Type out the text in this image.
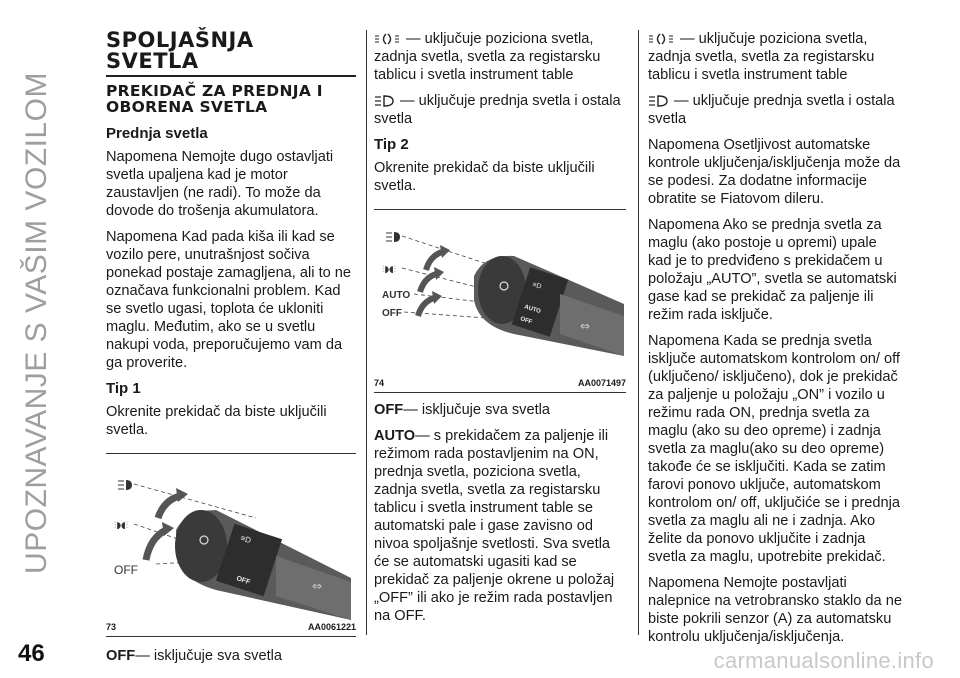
UPOZNAVANJE S VAŠIM VOZILOM
SPOLJAŠNJA
SVETLA
PREKIDAČ ZA PREDNJA I
OBORENA SVETLA
Prednja svetla

Napomena Nemojte dugo ostavljati svetla upaljena kad je motor zaustavljen (ne radi). To može da dovode do trošenja akumulatora.

Napomena Kad pada kiša ili kad se vozilo pere, unutrašnjost sočiva ponekad postaje zamagljena, ali to ne označava funkcionalni problem. Kad se svetlo ugasi, toplota će ukloniti maglu. Međutim, ako se u svetlu nakupi voda, preporučujemo vam da ga proverite.

Tip 1

Okrenite prekidač da biste uključili svetla.

≡D
OFF	⇔
⫶◗◖⫶
OFF
73	AA0061221

OFF— isključuje sva svetla

— uključuje poziciona svetla, zadnja svetla, svetla za registarsku tablicu i svetla instrument table

— uključuje prednja svetla i ostala svetla

Tip 2

Okrenite prekidač da biste uključili svetla.

≡D
AUTO
OFF	⇔
⫶◗◖⫶
AUTO
OFF
74	AA0071497

OFF— isključuje sva svetla

AUTO— s prekidačem za paljenje ili režimom rada postavljenim na ON, prednja svetla, poziciona svetla, zadnja svetla, svetla za registarsku tablicu i svetla instrument table se automatski pale i gase zavisno od nivoa spoljašnje svetlosti. Sva svetla će se automatski ugasiti kad se prekidač za paljenje okrene u položaj „OFF” ili ako je režim rada postavljen na OFF.

— uključuje poziciona svetla, zadnja svetla, svetla za registarsku tablicu i svetla instrument table

— uključuje prednja svetla i ostala svetla

Napomena Osetljivost automatske kontrole uključenja/isključenja može da se podesi. Za dodatne informacije obratite se Fiatovom dileru.

Napomena Ako se prednja svetla za maglu (ako postoje u opremi) upale kad je to predviđeno s prekidačem u položaju „AUTO”, svetla se automatski gase kad se prekidač za paljenje ili režim rada isključe.

Napomena Kada se prednja svetla isključe automatskom kontrolom on/ off (uključeno/ isključeno), dok je prekidač za paljenje u položaju „ON” i vozilo u režimu rada ON, prednja svetla za maglu (ako su deo opreme) i zadnja svetla za maglu(ako su deo opreme) takođe će se isključiti. Kada se zatim farovi ponovo uključe, automatskom kontrolom on/ off, uključiće se i prednja svetla za maglu ali ne i zadnja. Ako želite da ponovo uključite i zadnja svetla za maglu, upotrebite prekidač.

Napomena Nemojte postavljati nalepnice na vetrobransko staklo da ne biste pokrili senzor (A) za automatsku kontrolu uključenja/isključenja.

46	carmanualsonline.info
